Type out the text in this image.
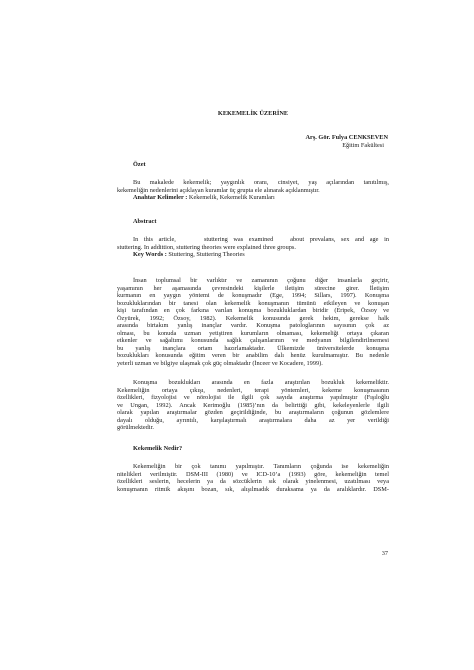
KEKEMELİK ÜZERİNE
Arş. Gör. Fulya CENKSEVEN
Eğitim Fakültesi
Özet
Bu makalede kekemelik; yaygınlık oranı, cinsiyet, yaş açılarından tanıtılmış,
kekemeliğin nedenlerini açıklayan kuramlar üç grupta ele alınarak açıklanmıştır.
Anahtar Kelimeler : Kekemelik, Kekemelik Kuramları
Abstract
In this article,     stuttering was examined   about prevalans, sex and age in
stuttering. In addittion, stuttering theories were explained three groups.
Key Words : Stuttering, Stuttering Theories
İnsan toplumsal bir varlıktır ve zamanının çoğunu diğer insanlarla geçirir,
yaşamının her aşamasında çevresindeki kişilerle iletişim sürecine girer. İletişim
kurmanın en yaygın yöntemi de konuşmadır (Ege, 1994; Sillars, 1997). Konuşma
bozukluklarından bir tanesi olan kekemelik konuşmanın tümünü etkileyen ve konuşan
kişi tarafından en çok farkına varılan konuşma bozukluklardan biridir (Eripek, Özsoy ve
Özyürek, 1992; Özsoy, 1982). Kekemelik konusunda gerek hekim, gerekse halk
arasında birtakım yanlış inançlar vardır. Konuşma patologlarının sayısının çok az
olması, bu konuda uzman yetiştiren kurumların olmaması, kekemeliği ortaya çıkaran
etkenler ve sağaltımı konusunda sağlık çalışanlarının ve medyanın bilgilendirilmemesi
bu yanlış inançlara ortam hazırlamaktadır. Ülkemizde üniversitelerde konuşma
bozuklukları konusunda eğitim veren bir anabilim dalı henüz kurulmamıştır. Bu nedenle
yeterli uzman ve bilgiye ulaşmak çok güç olmaktadır (İnceer ve Kocadere, 1999).
Konuşma bozuklukları arasında en fazla araştırılan bozukluk kekemeliktir.
Kekemeliğin ortaya çıkışı, nedenleri, terapi yöntemleri, kekeme konuşmasının
özellikleri, fizyolojisi ve nörolojisi ile ilgili çok sayıda araştırma yapılmıştır (Fışıloğlu
ve Ungan, 1992). Ancak Kerimoğlu (1985)’nın da belirttiği gibi, kekeleyenlerle ilgili
olarak yapılan araştırmalar gözden geçirildiğinde, bu araştırmaların çoğunun gözlemlere
dayalı olduğu, ayrıntılı, karşılaştırmalı araştırmalara daha az yer verildiği
görülmektedir.
Kekemelik Nedir?
Kekemeliğin bir çok tanımı yapılmıştır. Tanımların çoğunda ise kekemeliğin
nitelikleri verilmiştir. DSM-III (1980) ve ICD-10’a (1993) göre, kekemeliğin temel
özellikleri seslerin, hecelerin ya da sözcüklerin sık olarak yinelenmesi, uzatılması veya
konuşmanın ritmik akışını bozan, sık, alışılmadık duraksama ya da aralıklardır. DSM-
37
